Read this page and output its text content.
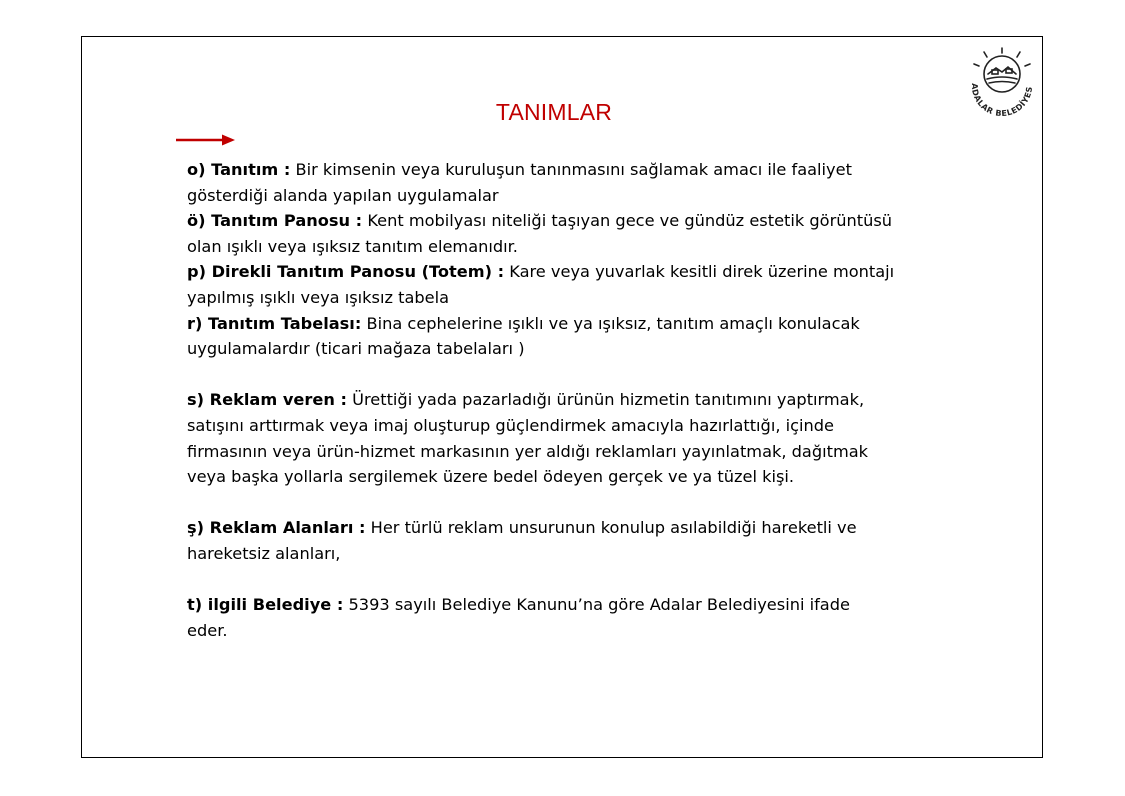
ADALAR BELEDİYES
TANIMLAR
o) Tanıtım : Bir kimsenin veya kuruluşun tanınmasını sağlamak amacı ile faaliyet
gösterdiği alanda yapılan uygulamalar
ö) Tanıtım Panosu : Kent mobilyası niteliği taşıyan gece ve gündüz estetik görüntüsü
olan ışıklı veya ışıksız tanıtım elemanıdır.
p) Direkli Tanıtım Panosu (Totem) : Kare veya yuvarlak kesitli direk üzerine montajı
yapılmış ışıklı veya ışıksız tabela
r) Tanıtım Tabelası: Bina cephelerine ışıklı ve ya ışıksız, tanıtım amaçlı konulacak
uygulamalardır (ticari mağaza tabelaları )
s) Reklam veren : Ürettiği yada pazarladığı ürünün hizmetin tanıtımını yaptırmak,
satışını arttırmak veya imaj oluşturup güçlendirmek amacıyla hazırlattığı, içinde
firmasının veya ürün-hizmet markasının yer aldığı reklamları yayınlatmak, dağıtmak
veya başka yollarla sergilemek üzere bedel ödeyen gerçek ve ya tüzel kişi.
ş) Reklam Alanları : Her türlü reklam unsurunun konulup asılabildiği hareketli ve
hareketsiz alanları,
t) ilgili Belediye : 5393 sayılı Belediye Kanunu’na göre Adalar Belediyesini ifade
eder.
